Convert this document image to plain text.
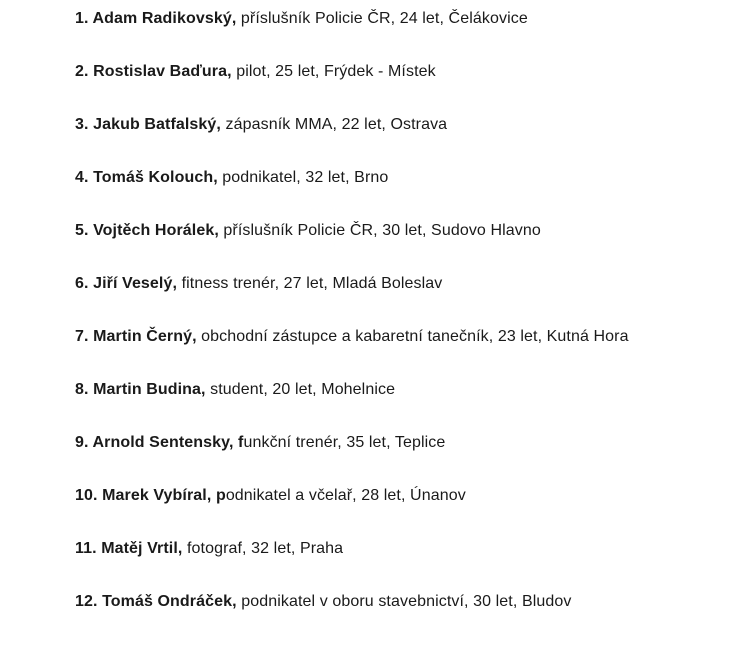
1. Adam Radikovský, příslušník Policie ČR, 24 let, Čelákovice
2. Rostislav Baďura, pilot, 25 let, Frýdek - Místek
3. Jakub Batfalský, zápasník MMA, 22 let, Ostrava
4. Tomáš Kolouch, podnikatel, 32 let, Brno
5. Vojtěch Horálek, příslušník Policie ČR, 30 let, Sudovo Hlavno
6. Jiří Veselý, fitness trenér, 27 let, Mladá Boleslav
7. Martin Černý, obchodní zástupce a kabaretní tanečník, 23 let, Kutná Hora
8. Martin Budina, student, 20 let, Mohelnice
9. Arnold Sentensky, funkční trenér, 35 let, Teplice
10. Marek Vybíral, podnikatel a včelař, 28 let, Únanov
11. Matěj Vrtil, fotograf, 32 let, Praha
12. Tomáš Ondráček, podnikatel v oboru stavebnictví, 30 let, Bludov
